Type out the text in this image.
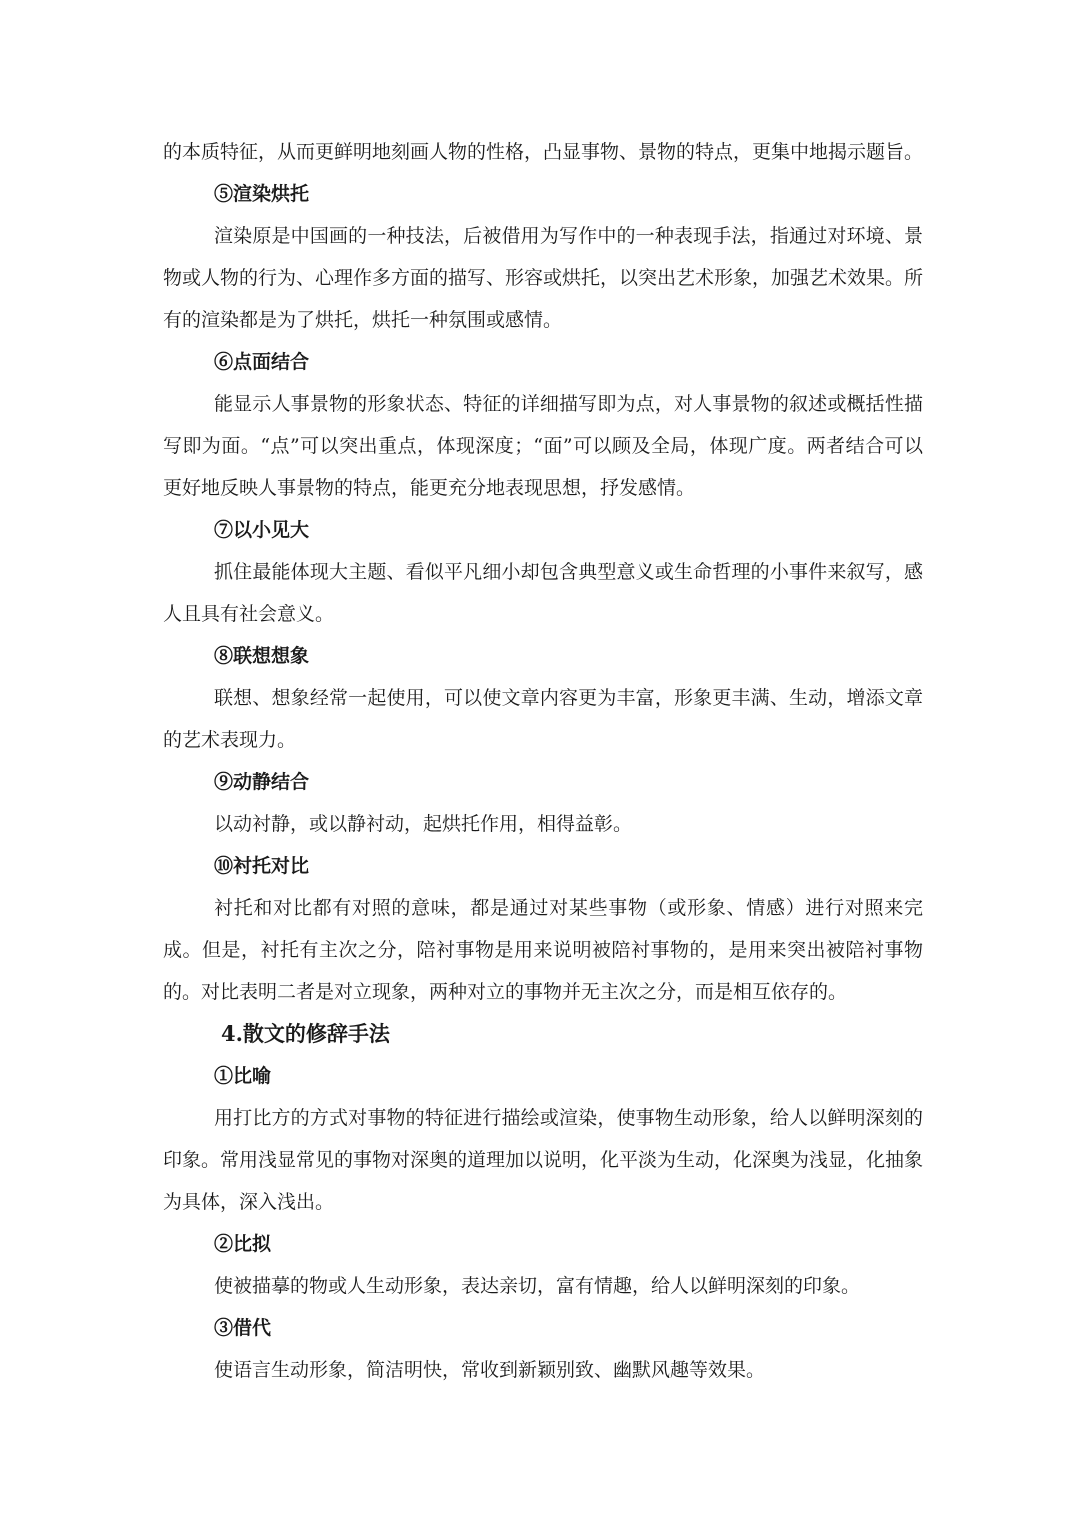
的本质特征，从而更鲜明地刻画人物的性格，凸显事物、景物的特点，更集中地揭示题旨。

⑤渲染烘托

渲染原是中国画的一种技法，后被借用为写作中的一种表现手法，指通过对环境、景物或人物的行为、心理作多方面的描写、形容或烘托，以突出艺术形象，加强艺术效果。所有的渲染都是为了烘托，烘托一种氛围或感情。

⑥点面结合

能显示人事景物的形象状态、特征的详细描写即为点，对人事景物的叙述或概括性描写即为面。“点”可以突出重点，体现深度；“面”可以顾及全局，体现广度。两者结合可以更好地反映人事景物的特点，能更充分地表现思想，抒发感情。

⑦以小见大

抓住最能体现大主题、看似平凡细小却包含典型意义或生命哲理的小事件来叙写，感人且具有社会意义。

⑧联想想象

联想、想象经常一起使用，可以使文章内容更为丰富，形象更丰满、生动，增添文章的艺术表现力。

⑨动静结合

以动衬静，或以静衬动，起烘托作用，相得益彰。

⑩衬托对比

衬托和对比都有对照的意味，都是通过对某些事物（或形象、情感）进行对照来完成。但是，衬托有主次之分，陪衬事物是用来说明被陪衬事物的，是用来突出被陪衬事物的。对比表明二者是对立现象，两种对立的事物并无主次之分，而是相互依存的。

4.散文的修辞手法
①比喻

用打比方的方式对事物的特征进行描绘或渲染，使事物生动形象，给人以鲜明深刻的印象。常用浅显常见的事物对深奥的道理加以说明，化平淡为生动，化深奥为浅显，化抽象为具体，深入浅出。

②比拟

使被描摹的物或人生动形象，表达亲切，富有情趣，给人以鲜明深刻的印象。

③借代

使语言生动形象，简洁明快，常收到新颖别致、幽默风趣等效果。
